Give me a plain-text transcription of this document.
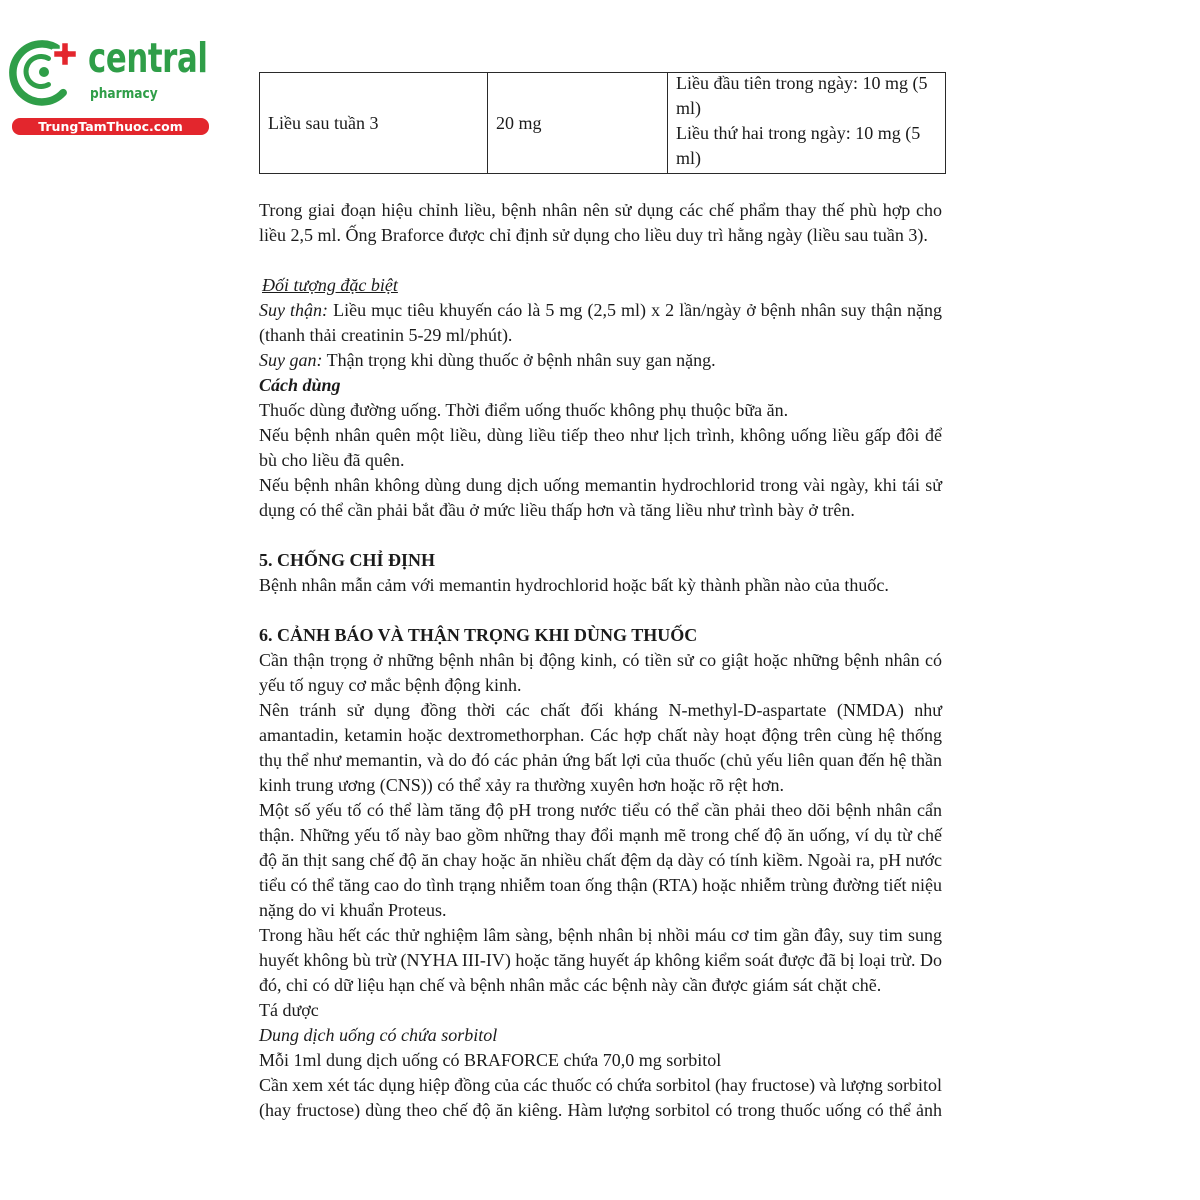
central
pharmacy
TrungTamThuoc.com	Liều sau tuần 3	20 mg
Liều đầu tiên trong ngày: 10 mg (5
ml)
Liều thứ hai trong ngày: 10 mg (5
ml)
Trong giai đoạn hiệu chỉnh liều, bệnh nhân nên sử dụng các chế phẩm thay thế phù hợp cho
liều 2,5 ml. Ống Braforce được chỉ định sử dụng cho liều duy trì hằng ngày (liều sau tuần 3).
Đối tượng đặc biệt
Suy thận: Liều mục tiêu khuyến cáo là 5 mg (2,5 ml) x 2 lần/ngày ở bệnh nhân suy thận nặng
(thanh thải creatinin 5-29 ml/phút).
Suy gan: Thận trọng khi dùng thuốc ở bệnh nhân suy gan nặng.
Cách dùng
Thuốc dùng đường uống. Thời điểm uống thuốc không phụ thuộc bữa ăn.
Nếu bệnh nhân quên một liều, dùng liều tiếp theo như lịch trình, không uống liều gấp đôi để
bù cho liều đã quên.
Nếu bệnh nhân không dùng dung dịch uống memantin hydrochlorid trong vài ngày, khi tái sử
dụng có thể cần phải bắt đầu ở mức liều thấp hơn và tăng liều như trình bày ở trên.
5. CHỐNG CHỈ ĐỊNH
Bệnh nhân mẫn cảm với memantin hydrochlorid hoặc bất kỳ thành phần nào của thuốc.
6. CẢNH BÁO VÀ THẬN TRỌNG KHI DÙNG THUỐC
Cần thận trọng ở những bệnh nhân bị động kinh, có tiền sử co giật hoặc những bệnh nhân có
yếu tố nguy cơ mắc bệnh động kinh.
Nên tránh sử dụng đồng thời các chất đối kháng N-methyl-D-aspartate (NMDA) như
amantadin, ketamin hoặc dextromethorphan. Các hợp chất này hoạt động trên cùng hệ thống
thụ thể như memantin, và do đó các phản ứng bất lợi của thuốc (chủ yếu liên quan đến hệ thần
kinh trung ương (CNS)) có thể xảy ra thường xuyên hơn hoặc rõ rệt hơn.
Một số yếu tố có thể làm tăng độ pH trong nước tiểu có thể cần phải theo dõi bệnh nhân cẩn
thận. Những yếu tố này bao gồm những thay đổi mạnh mẽ trong chế độ ăn uống, ví dụ từ chế
độ ăn thịt sang chế độ ăn chay hoặc ăn nhiều chất đệm dạ dày có tính kiềm. Ngoài ra, pH nước
tiểu có thể tăng cao do tình trạng nhiễm toan ống thận (RTA) hoặc nhiễm trùng đường tiết niệu
nặng do vi khuẩn Proteus.
Trong hầu hết các thử nghiệm lâm sàng, bệnh nhân bị nhồi máu cơ tim gần đây, suy tim sung
huyết không bù trừ (NYHA III-IV) hoặc tăng huyết áp không kiểm soát được đã bị loại trừ. Do
đó, chỉ có dữ liệu hạn chế và bệnh nhân mắc các bệnh này cần được giám sát chặt chẽ.
Tá dược
Dung dịch uống có chứa sorbitol
Mỗi 1ml dung dịch uống có BRAFORCE chứa 70,0 mg sorbitol
Cần xem xét tác dụng hiệp đồng của các thuốc có chứa sorbitol (hay fructose) và lượng sorbitol
(hay fructose) dùng theo chế độ ăn kiêng. Hàm lượng sorbitol có trong thuốc uống có thể ảnh
